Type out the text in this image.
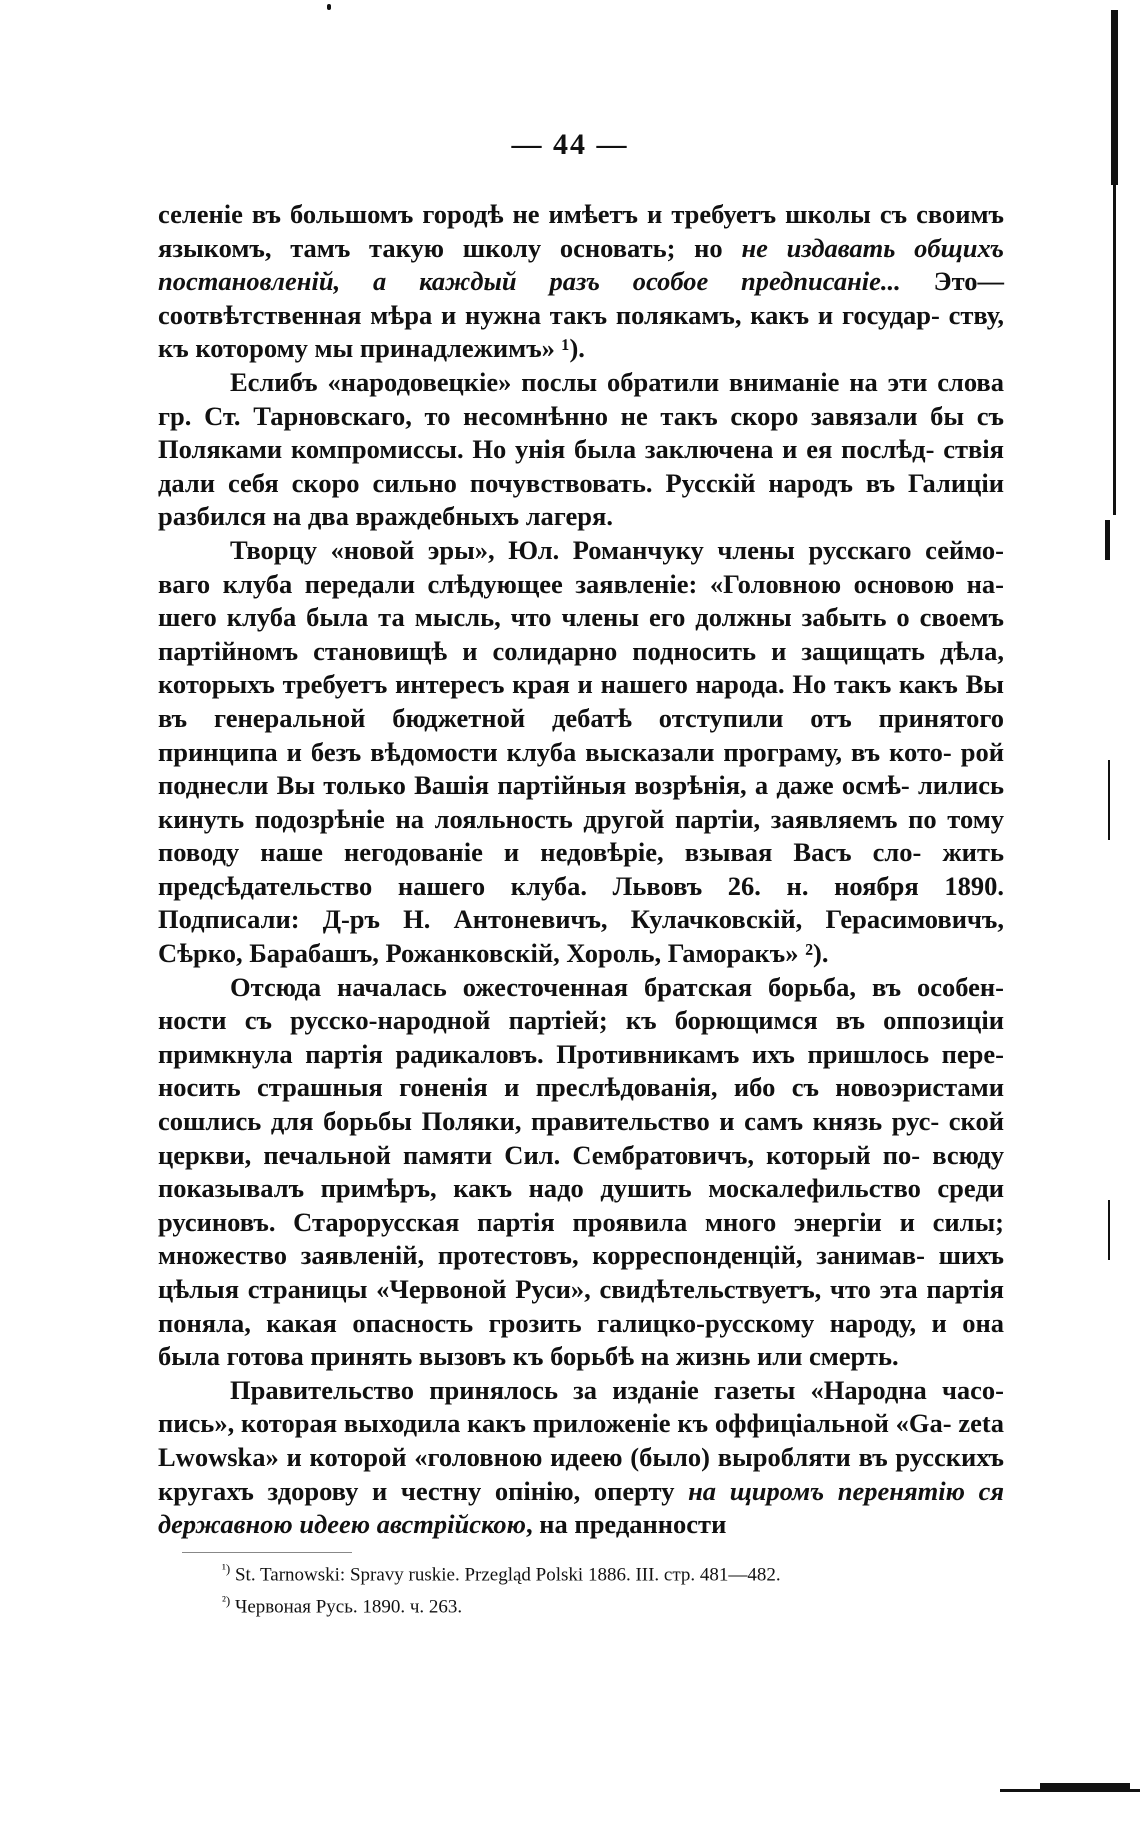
— 44 —

селеніе въ большомъ городѣ не имѣетъ и требуетъ школы съ своимъ языкомъ, тамъ такую школу основать; но не издавать общихъ постановленій, а каждый разъ особое предписаніе... Это—соотвѣтственная мѣра и нужна такъ полякамъ, какъ и государ- ству, къ которому мы принадлежимъ» ¹).

Еслибъ «народовецкіе» послы обратили вниманіе на эти слова гр. Ст. Тарновскаго, то несомнѣнно не такъ скоро завязали бы съ Поляками компромиссы. Но унія была заключена и ея послѣд- ствія дали себя скоро сильно почувствовать. Русскій народъ въ Галиціи разбился на два враждебныхъ лагеря.

Творцу «новой эры», Юл. Романчуку члены русскаго сеймо- ваго клуба передали слѣдующее заявленіе: «Головною основою на- шего клуба была та мысль, что члены его должны забыть о своемъ партійномъ становищѣ и солидарно подносить и защищать дѣла, которыхъ требуетъ интересъ края и нашего народа. Но такъ какъ Вы въ генеральной бюджетной дебатѣ отступили отъ принятого принципа и безъ вѣдомости клуба высказали програму, въ кото- рой поднесли Вы только Вашія партійныя возрѣнія, а даже осмѣ- лились кинуть подозрѣніе на лояльность другой партіи, заявляемъ по тому поводу наше негодованіе и недовѣріе, взывая Васъ сло- жить предсѣдательство нашего клуба. Львовъ 26. н. ноября 1890. Подписали: Д-ръ Н. Антоневичъ, Кулачковскій, Герасимовичъ, Сѣрко, Барабашъ, Рожанковскій, Хороль, Гаморакъ» ²).

Отсюда началась ожесточенная братская борьба, въ особен- ности съ русско-народной партіей; къ борющимся въ оппозиціи примкнула партія радикаловъ. Противникамъ ихъ пришлось пере- носить страшныя гоненія и преслѣдованія, ибо съ новоэристами сошлись для борьбы Поляки, правительство и самъ князь рус- ской церкви, печальной памяти Сил. Сембратовичъ, который по- всюду показывалъ примѣръ, какъ надо душить москалефильство среди русиновъ. Старорусская партія проявила много энергіи и силы; множество заявленій, протестовъ, корреспонденцій, занимав- шихъ цѣлыя страницы «Червоной Руси», свидѣтельствуетъ, что эта партія поняла, какая опасность грозить галицко-русскому народу, и она была готова принять вызовъ къ борьбѣ на жизнь или смерть.

Правительство принялось за изданіе газеты «Народна часо- пись», которая выходила какъ приложеніе къ оффиціальной «Ga- zeta Lwowska» и которой «головною идеею (было) выробляти въ русскихъ кругахъ здорову и честну опінію, оперту на щиромъ перенятію ся державною идеею австрійскою, на преданности

$^{^1)}$ St. Tarnowski: Spravy ruskie. Przegląd Polski 1886. III. стр. 481—482.
$^{^2)}$ Червоная Русь. 1890. ч. 263.
